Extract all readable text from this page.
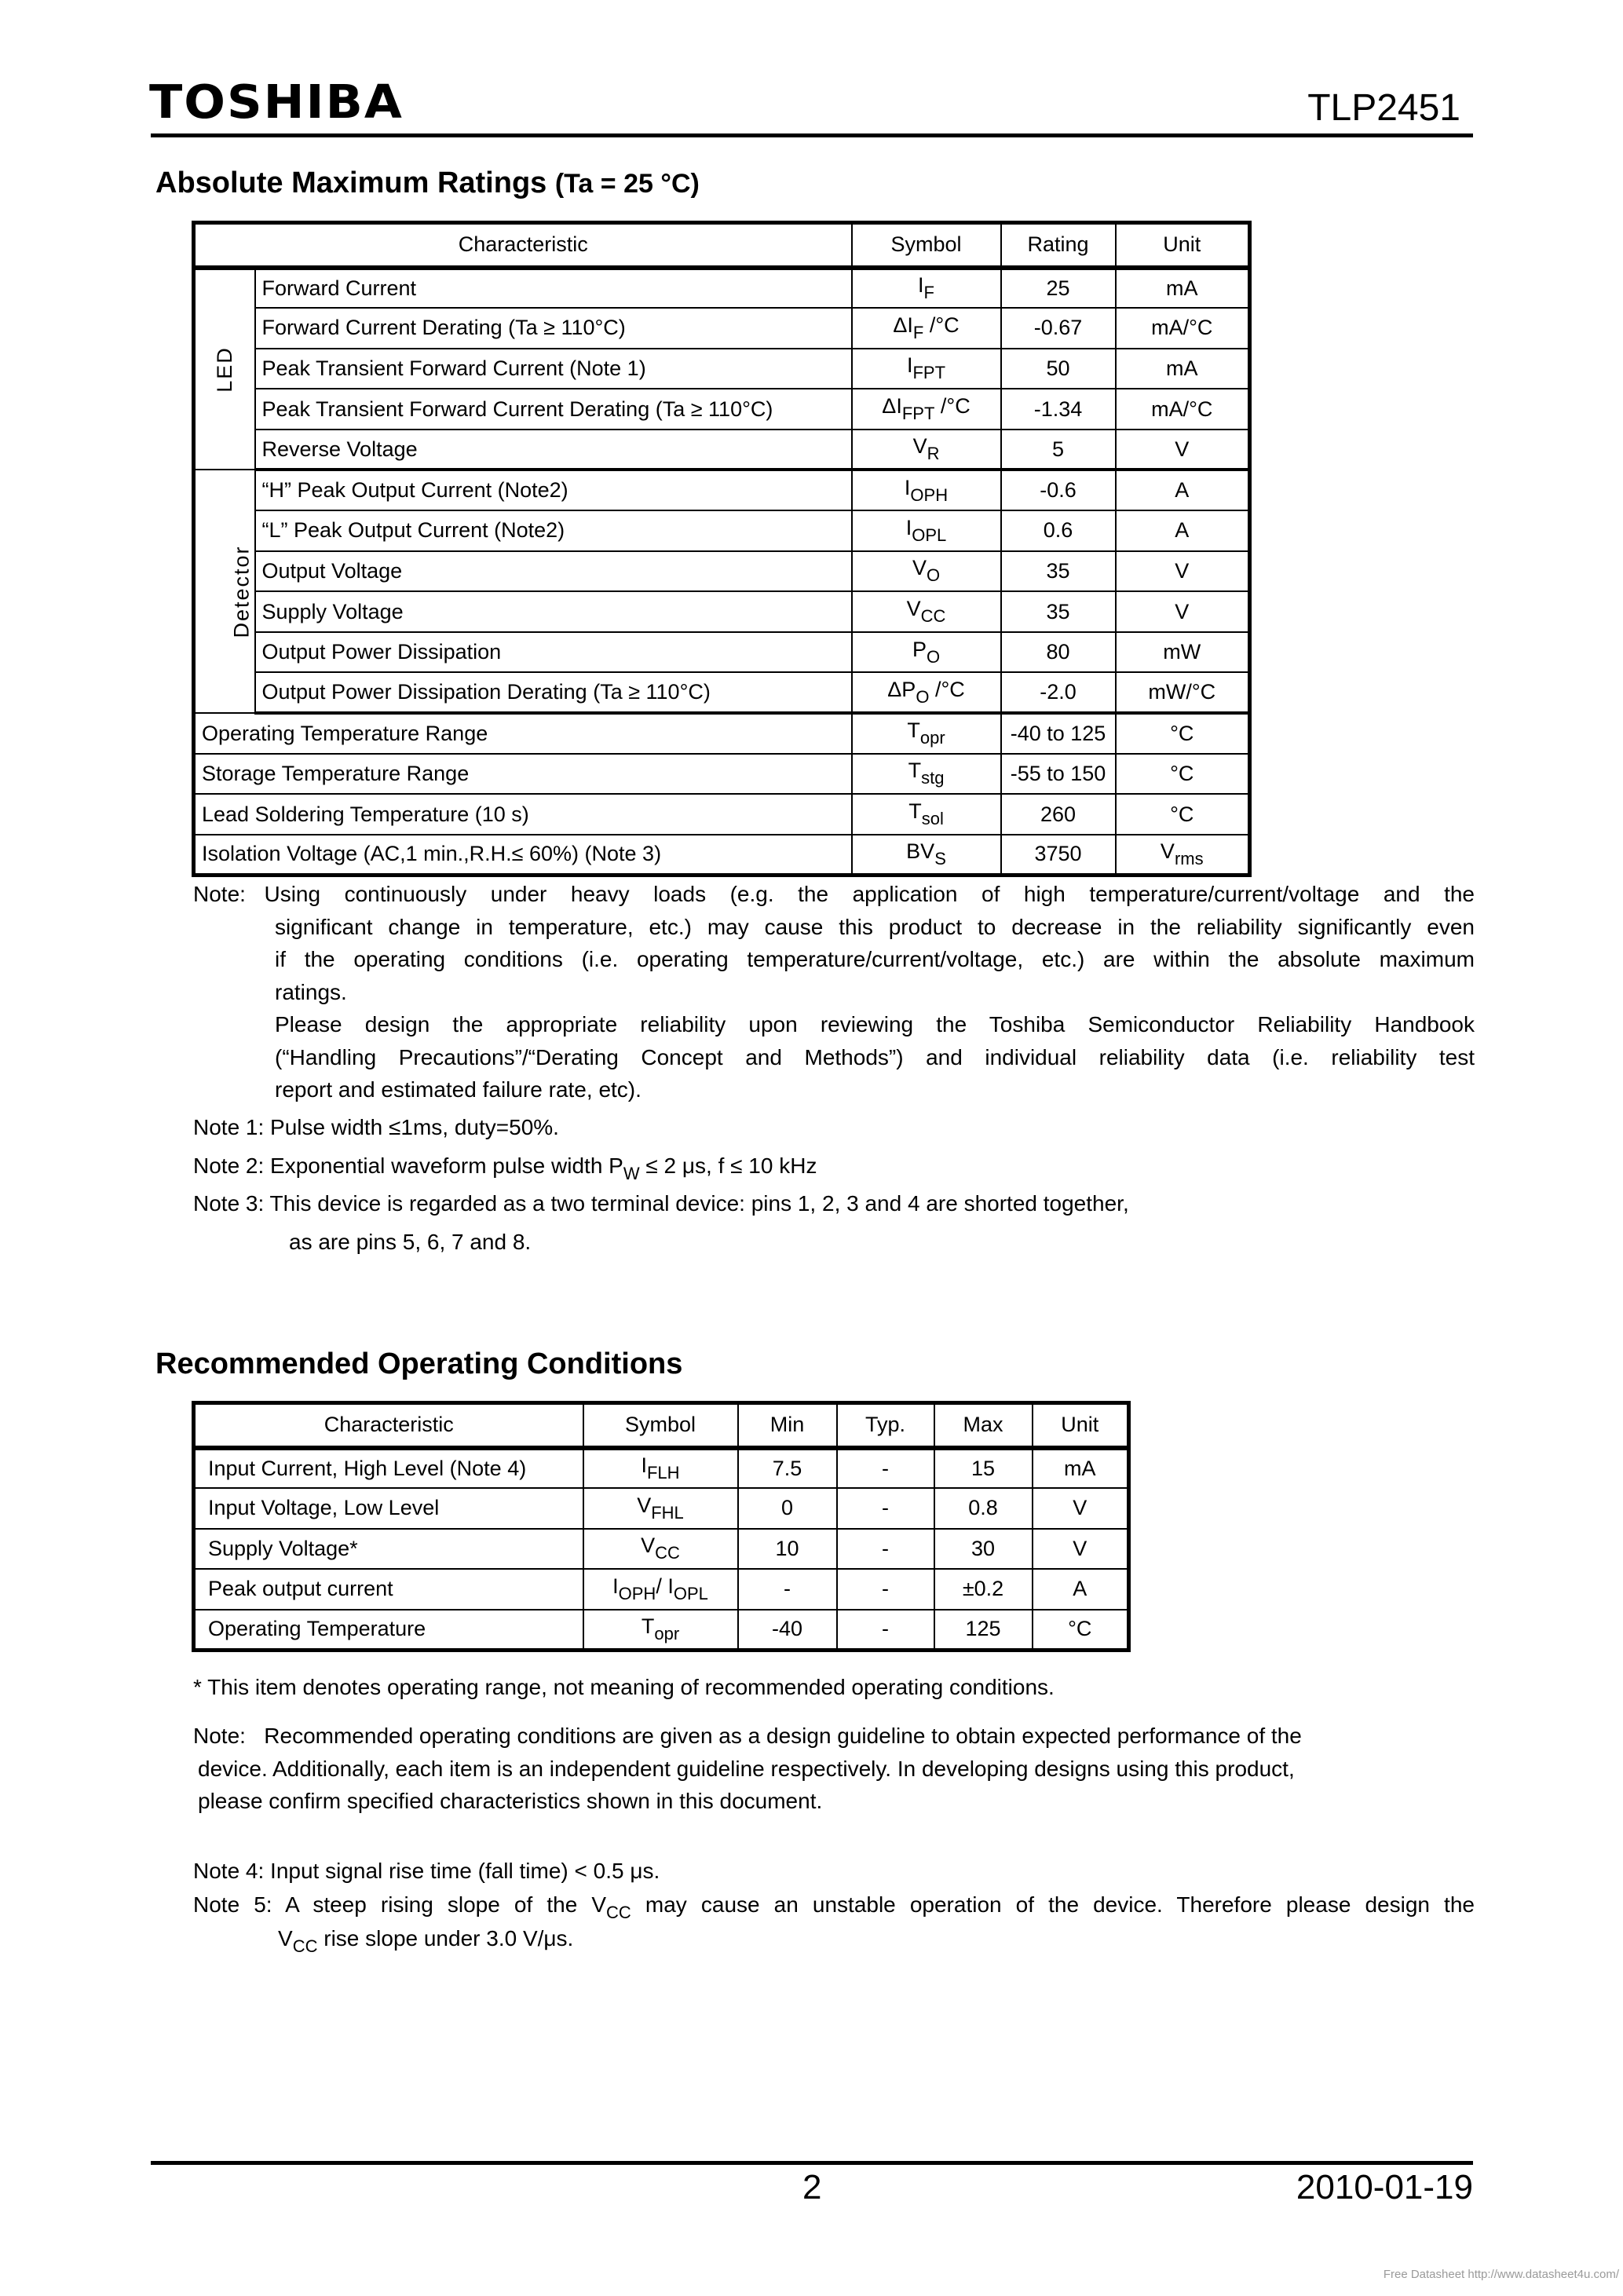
TOSHIBA	TLP2451
Absolute Maximum Ratings (Ta = 25 °C)
Characteristic		Symbol	Rating	Unit
LED	Forward Current	$I_F$	25	mA
	Forward Current Derating (Ta ≥ 110°C)	$\Delta I_F$ /°C	-0.67	mA/°C
	Peak Transient Forward Current (Note 1)	$I_{FPT}$	50	mA
	Peak Transient Forward Current Derating (Ta ≥ 110°C)	$\Delta I_{FPT}$ /°C	-1.34	mA/°C
	Reverse Voltage	$V_R$	5	V
Detector	“H” Peak Output Current (Note2)	$I_{OPH}$	-0.6	A
	“L” Peak Output Current (Note2)	$I_{OPL}$	0.6	A
	Output Voltage	$V_O$	35	V
	Supply Voltage	$V_{CC}$	35	V
	Output Power Dissipation	$P_O$	80	mW
	Output Power Dissipation Derating (Ta ≥ 110°C)	$\Delta P_O$ /°C	-2.0	mW/°C
Operating Temperature Range		$T_{opr}$	-40 to 125	°C
Storage Temperature Range		$T_{stg}$	-55 to 150	°C
Lead Soldering Temperature (10 s)		$T_{sol}$	260	°C
Isolation Voltage (AC,1 min.,R.H.≤ 60%) (Note 3)		$BV_S$	3750	$V_{rms}$
Note: Using continuously under heavy loads (e.g. the application of high temperature/current/voltage and the
significant change in temperature, etc.) may cause this product to decrease in the reliability significantly even
if the operating conditions (i.e. operating temperature/current/voltage, etc.) are within the absolute maximum
ratings.
Please design the appropriate reliability upon reviewing the Toshiba Semiconductor Reliability Handbook
(“Handling Precautions”/“Derating Concept and Methods”) and individual reliability data (i.e. reliability test
report and estimated failure rate, etc).
Note 1: Pulse width ≤1ms, duty=50%.
Note 2: Exponential waveform pulse width $P_W \le 2$ μs, f ≤ 10 kHz
Note 3: This device is regarded as a two terminal device: pins 1, 2, 3 and 4 are shorted together,
as are pins 5, 6, 7 and 8.
Recommended Operating Conditions
Characteristic	Symbol	Min	Typ.	Max	Unit
Input Current, High Level (Note 4)	$I_{FLH}$	7.5	-	15	mA
Input Voltage, Low Level	$V_{FHL}$	0	-	0.8	V
Supply Voltage*	$V_{CC}$	10	-	30	V
Peak output current	$I_{OPH}/$ $I_{OPL}$	-	-	±0.2	A
Operating Temperature	$T_{opr}$	-40	-	125	°C
* This item denotes operating range, not meaning of recommended operating conditions.
Note: Recommended operating conditions are given as a design guideline to obtain expected performance of the
device. Additionally, each item is an independent guideline respectively. In developing designs using this product,
please confirm specified characteristics shown in this document.
Note 4: Input signal rise time (fall time) < 0.5 μs.
Note 5: A steep rising slope of the $V_{CC}$ may cause an unstable operation of the device. Therefore please design the
$V_{CC}$ rise slope under 3.0 V/μs.
2	2010-01-19
Free Datasheet http://www.datasheet4u.com/
